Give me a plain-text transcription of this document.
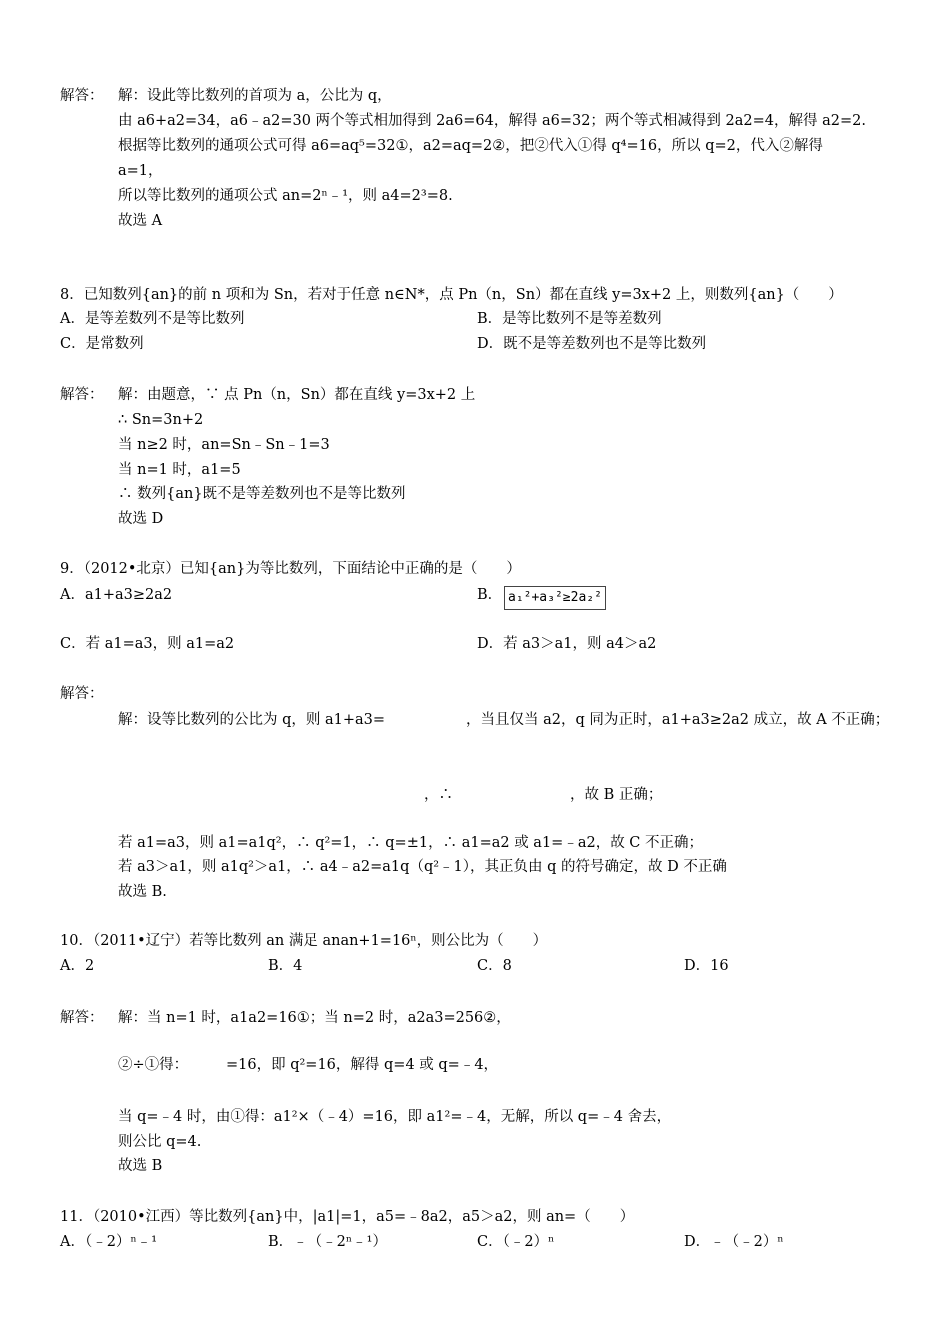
解答： 解：设此等比数列的首项为 a，公比为 q，
由 a6+a2=34，a6﹣a2=30 两个等式相加得到 2a6=64，解得 a6=32；两个等式相减得到 2a2=4，解得 a2=2.
根据等比数列的通项公式可得 a6=aq⁵=32①，a2=aq=2②，把②代入①得 q⁴=16，所以 q=2，代入②解得
a=1，
所以等比数列的通项公式 an=2ⁿ﹣¹，则 a4=2³=8.
故选 A
8．已知数列{an}的前 n 项和为 Sn，若对于任意 n∈N*，点 Pn（n，Sn）都在直线 y=3x+2 上，则数列{an}（　　）
A．是等差数列不是等比数列	B．是等比数列不是等差数列
C．是常数列	D．既不是等差数列也不是等比数列
解答： 解：由题意，∵ 点 Pn（n，Sn）都在直线 y=3x+2 上
∴ Sn=3n+2
当 n≥2 时，an=Sn﹣Sn﹣1=3
当 n=1 时，a1=5
∴ 数列{an}既不是等差数列也不是等比数列
故选 D
9．（2012•北京）已知{an}为等比数列，下面结论中正确的是（　　）
A．a1+a3≥2a2	B． a₁²+a₃²≥2a₂²
C．若 a1=a3，则 a1=a2	D．若 a3＞a1，则 a4＞a2
解答：
解：设等比数列的公比为 q，则 a1+a3=	，当且仅当 a2，q 同为正时，a1+a3≥2a2 成立，故 A 不正确；
，∴	，故 B 正确；
若 a1=a3，则 a1=a1q²，∴ q²=1，∴ q=±1，∴ a1=a2 或 a1=﹣a2，故 C 不正确；
若 a3＞a1，则 a1q²＞a1，∴ a4﹣a2=a1q（q²﹣1），其正负由 q 的符号确定，故 D 不正确
故选 B.
10．（2011•辽宁）若等比数列 an 满足 anan+1=16ⁿ，则公比为（　　）
A．2	B．4	C．8	D．16
解答： 解：当 n=1 时，a1a2=16①；当 n=2 时，a2a3=256②，
②÷①得：	=16，即 q²=16，解得 q=4 或 q=﹣4，
当 q=﹣4 时，由①得：a1²×（﹣4）=16，即 a1²=﹣4，无解，所以 q=﹣4 舍去，
则公比 q=4.
故选 B
11．（2010•江西）等比数列{an}中，|a1|=1，a5=﹣8a2，a5＞a2，则 an=（　　）
A．（﹣2）ⁿ﹣¹	B．﹣（﹣2ⁿ﹣¹）	C．（﹣2）ⁿ	D．﹣（﹣2）ⁿ
